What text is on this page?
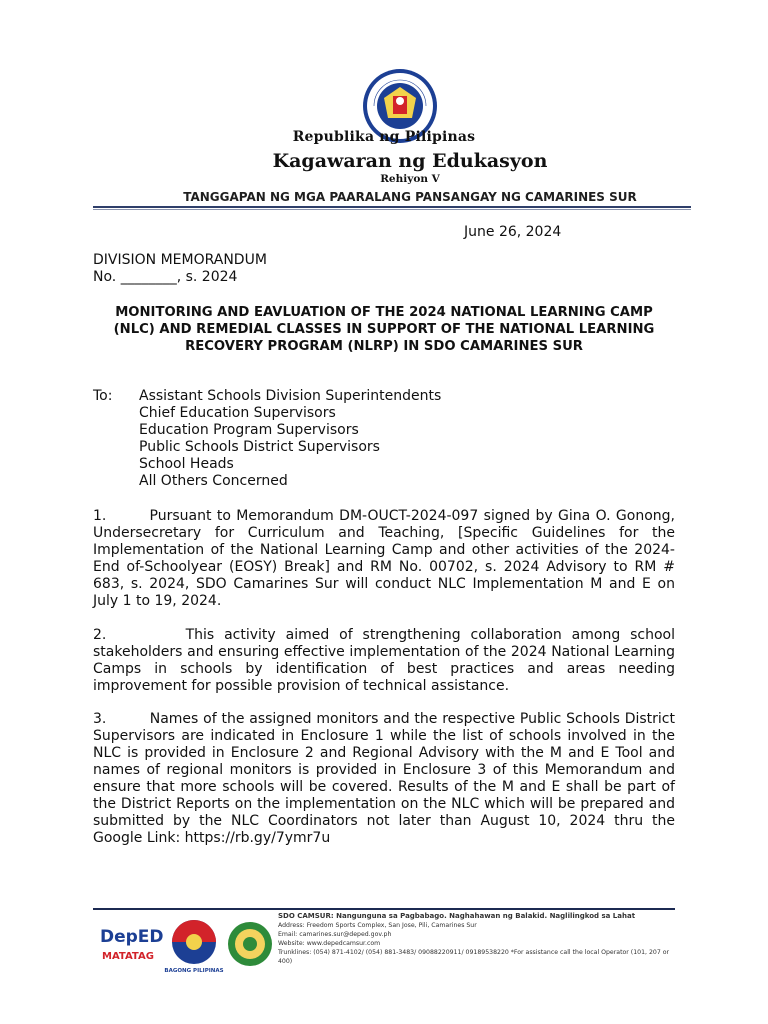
Republika ng Pilipinas
Kagawaran ng Edukasyon
Rehiyon V
TANGGAPAN NG MGA PAARALANG PANSANGAY NG CAMARINES SUR
June 26, 2024
DIVISION MEMORANDUM
No. ________, s. 2024
MONITORING AND EAVLUATION OF THE 2024 NATIONAL LEARNING CAMP (NLC) AND REMEDIAL CLASSES IN SUPPORT OF THE NATIONAL LEARNING RECOVERY PROGRAM (NLRP) IN SDO CAMARINES SUR
To: Assistant Schools Division Superintendents
Chief Education Supervisors
Education Program Supervisors
Public Schools District Supervisors
School Heads
All Others Concerned
1.        Pursuant to Memorandum DM-OUCT-2024-097 signed by Gina O. Gonong, Undersecretary for Curriculum and Teaching, [Specific Guidelines for the Implementation of the National Learning Camp and other activities of the 2024-End of-Schoolyear (EOSY) Break] and RM No. 00702, s. 2024 Advisory to RM # 683, s. 2024, SDO Camarines Sur will conduct NLC Implementation M and E on July 1 to 19, 2024.
2.        This activity aimed of strengthening collaboration among school stakeholders and ensuring effective implementation of the 2024 National Learning Camps in schools by identification of best practices and areas needing improvement for possible provision of technical assistance.
3.         Names of the assigned monitors and the respective Public Schools District Supervisors are indicated in Enclosure 1 while the list of schools involved in the NLC is provided in Enclosure 2 and Regional Advisory with the M and E Tool and names of regional monitors is provided in Enclosure 3 of this Memorandum and ensure that more schools will be covered. Results of the M and E shall be part of the District Reports on the implementation on the NLC which will be prepared and submitted by the NLC Coordinators not later than August 10, 2024 thru the Google Link: https://rb.gy/7ymr7u
DepED
MATATAG
BAGONG PILIPINAS
SDO CAMSUR: Nangunguna sa Pagbabago. Naghahawan ng Balakid. Naglilingkod sa Lahat
Address: Freedom Sports Complex, San Jose, Pili, Camarines Sur
Email: camarines.sur@deped.gov.ph
Website: www.depedcamsur.com
Trunklines: (054) 871-4102/ (054) 881-3483/ 09088220911/ 09189538220 *For assistance call the local Operator (101, 207 or 400)
